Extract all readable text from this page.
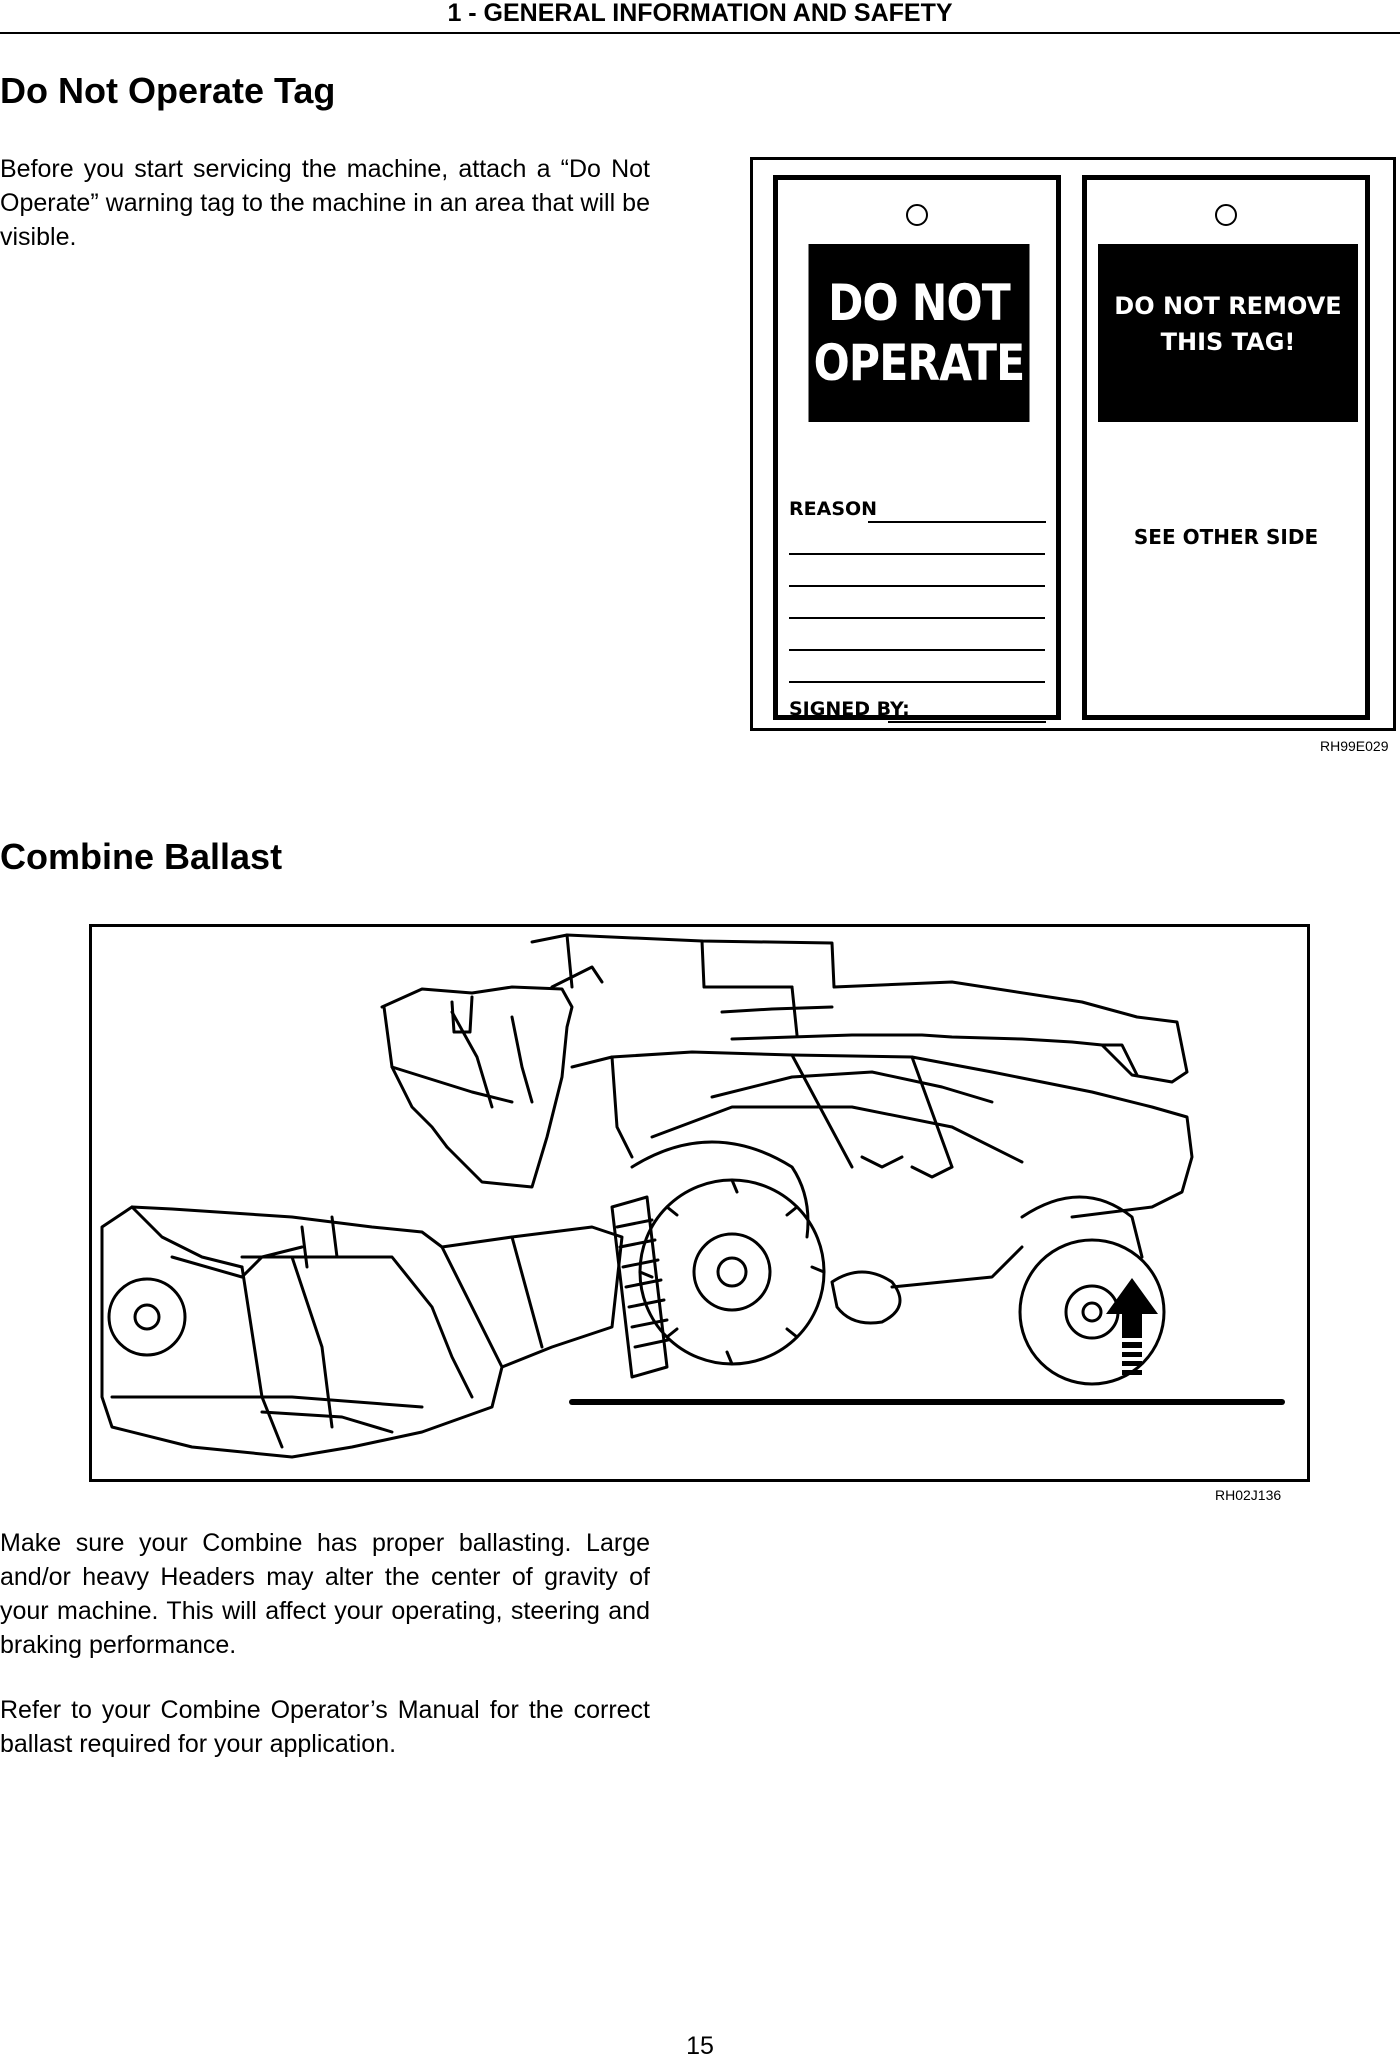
1 - GENERAL INFORMATION AND SAFETY
Do Not Operate Tag

Before you start servicing the machine, attach a “Do Not Operate” warning tag to the machine in an area that will be visible.

DO NOT
OPERATE
REASON
SIGNED BY:
DO NOT REMOVE
THIS TAG!
SEE OTHER SIDE
RH99E029
Combine Ballast
RH02J136

Make sure your Combine has proper ballasting. Large and/or heavy Headers may alter the center of gravity of your machine. This will affect your operating, steering and braking performance.

Refer to your Combine Operator’s Manual for the correct ballast required for your application.

15
